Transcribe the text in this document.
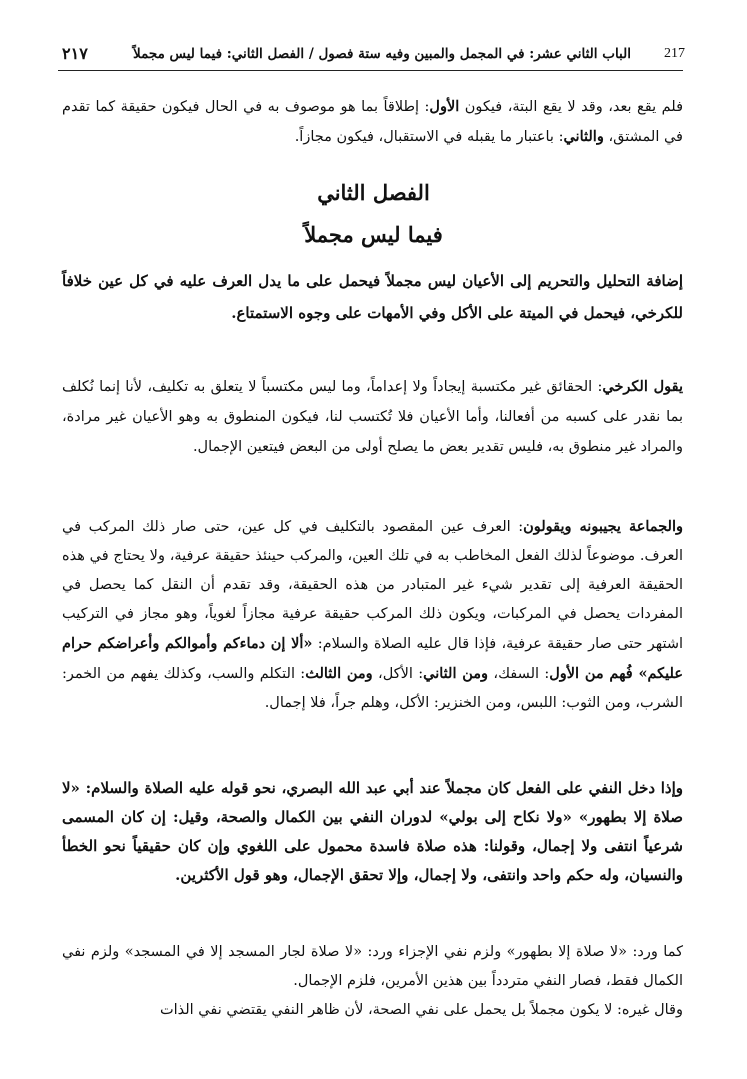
٢١٧	الباب الثاني عشر: في المجمل والمبين وفيه ستة فصول / الفصل الثاني: فيما ليس مجملاً 217
فلم يقع بعد، وقد لا يقع البتة، فيكون الأول: إطلاقاً بما هو موصوف به في الحال فيكون حقيقة كما تقدم في المشتق، والثاني: باعتبار ما يقبله في الاستقبال، فيكون مجازاً.
الفصل الثاني
فيما ليس مجملاً
إضافة التحليل والتحريم إلى الأعيان ليس مجملاً فيحمل على ما يدل العرف عليه في كل عين خلافاً للكرخي، فيحمل في الميتة على الأكل وفي الأمهات على وجوه الاستمتاع.
يقول الكرخي: الحقائق غير مكتسبة إيجاداً ولا إعداماً، وما ليس مكتسباً لا يتعلق به تكليف، لأنا إنما نُكلف بما نقدر على كسبه من أفعالنا، وأما الأعيان فلا تُكتسب لنا، فيكون المنطوق به وهو الأعيان غير مرادة، والمراد غير منطوق به، فليس تقدير بعض ما يصلح أولى من البعض فيتعين الإجمال.
والجماعة يجيبونه ويقولون: العرف عين المقصود بالتكليف في كل عين، حتى صار ذلك المركب في العرف. موضوعاً لذلك الفعل المخاطب به في تلك العين، والمركب حينئذ حقيقة عرفية، ولا يحتاج في هذه الحقيقة العرفية إلى تقدير شيء غير المتبادر من هذه الحقيقة، وقد تقدم أن النقل كما يحصل في المفردات يحصل في المركبات، ويكون ذلك المركب حقيقة عرفية مجازاً لغوياً، وهو مجاز في التركيب اشتهر حتى صار حقيقة عرفية، فإذا قال عليه الصلاة والسلام: «ألا إن دماءكم وأموالكم وأعراضكم حرام عليكم» فُهم من الأول: السفك، ومن الثاني: الأكل، ومن الثالث: التكلم والسب، وكذلك يفهم من الخمر: الشرب، ومن الثوب: اللبس، ومن الخنزير: الأكل، وهلم جراً، فلا إجمال.
وإذا دخل النفي على الفعل كان مجملاً عند أبي عبد الله البصري، نحو قوله عليه الصلاة والسلام: «لا صلاة إلا بطهور» «ولا نكاح إلى بولي» لدوران النفي بين الكمال والصحة، وقيل: إن كان المسمى شرعياً انتفى ولا إجمال، وقولنا: هذه صلاة فاسدة محمول على اللغوي وإن كان حقيقياً نحو الخطأ والنسيان، وله حكم واحد وانتفى، ولا إجمال، وإلا تحقق الإجمال، وهو قول الأكثرين.
كما ورد: «لا صلاة إلا بطهور» ولزم نفي الإجزاء ورد: «لا صلاة لجار المسجد إلا في المسجد» ولزم نفي الكمال فقط، فصار النفي متردداً بين هذين الأمرين، فلزم الإجمال.
وقال غيره: لا يكون مجملاً بل يحمل على نفي الصحة، لأن ظاهر النفي يقتضي نفي الذات
